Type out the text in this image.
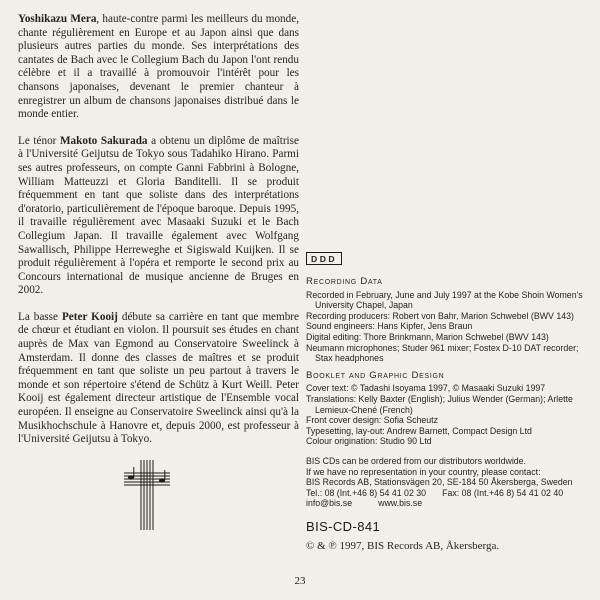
Yoshikazu Mera, haute-contre parmi les meilleurs du monde, chante régulièrement en Europe et au Japon ainsi que dans plusieurs autres parties du monde. Ses interprétations des cantates de Bach avec le Collegium Bach du Japon l'ont rendu célèbre et il a travaillé à promouvoir l'intérêt pour les chansons japonaises, devenant le premier chanteur à enregistrer un album de chansons japonaises distribué dans le monde entier.

Le ténor Makoto Sakurada a obtenu un diplôme de maîtrise à l'Université Geijutsu de Tokyo sous Tadahiko Hirano. Parmi ses autres professeurs, on compte Ganni Fabbrini à Bologne, William Matteuzzi et Gloria Banditelli. Il se produit fréquemment en tant que soliste dans des interprétations d'oratorio, particulièrement de l'époque baroque. Depuis 1995, il travaille régulièrement avec Masaaki Suzuki et le Bach Collegium Japan. Il travaille également avec Wolfgang Sawallisch, Philippe Herreweghe et Sigiswald Kuijken. Il se produit régulièrement à l'opéra et remporte le second prix au Concours international de musique ancienne de Bruges en 2002.

La basse Peter Kooij débute sa carrière en tant que membre de chœur et étudiant en violon. Il poursuit ses études en chant auprès de Max van Egmond au Conservatoire Sweelinck à Amsterdam. Il donne des classes de maîtres et se produit fréquemment en tant que soliste un peu partout à travers le monde et son répertoire s'étend de Schütz à Kurt Weill. Peter Kooij est également directeur artistique de l'Ensemble vocal européen. Il enseigne au Conservatoire Sweelinck ainsi qu'à la Musikhochschule à Hanovre et, depuis 2000, est professeur à l'Université Geijutsu à Tokyo.

DDD
Recording Data
Recorded in February, June and July 1997 at the Kobe Shoin Women's University Chapel, Japan
Recording producers: Robert von Bahr, Marion Schwebel (BWV 143)
Sound engineers: Hans Kipfer, Jens Braun
Digital editing: Thore Brinkmann, Marion Schwebel (BWV 143)
Neumann microphones; Studer 961 mixer; Fostex D-10 DAT recorder; Stax headphones
Booklet and Graphic Design
Cover text: © Tadashi Isoyama 1997, © Masaaki Suzuki 1997
Translations: Kelly Baxter (English); Julius Wender (German); Arlette Lemieux-Chené (French)
Front cover design: Sofia Scheutz
Typesetting, lay-out: Andrew Barnett, Compact Design Ltd
Colour origination: Studio 90 Ltd
BIS CDs can be ordered from our distributors worldwide.
If we have no representation in your country, please contact:
BIS Records AB, Stationsvägen 20, SE-184 50 Åkersberga, Sweden
Tel.: 08 (Int.+46 8) 54 41 02 30 Fax: 08 (Int.+46 8) 54 41 02 40
info@bis.se	www.bis.se
BIS-CD-841
© & ℗ 1997, BIS Records AB, Åkersberga.
23
